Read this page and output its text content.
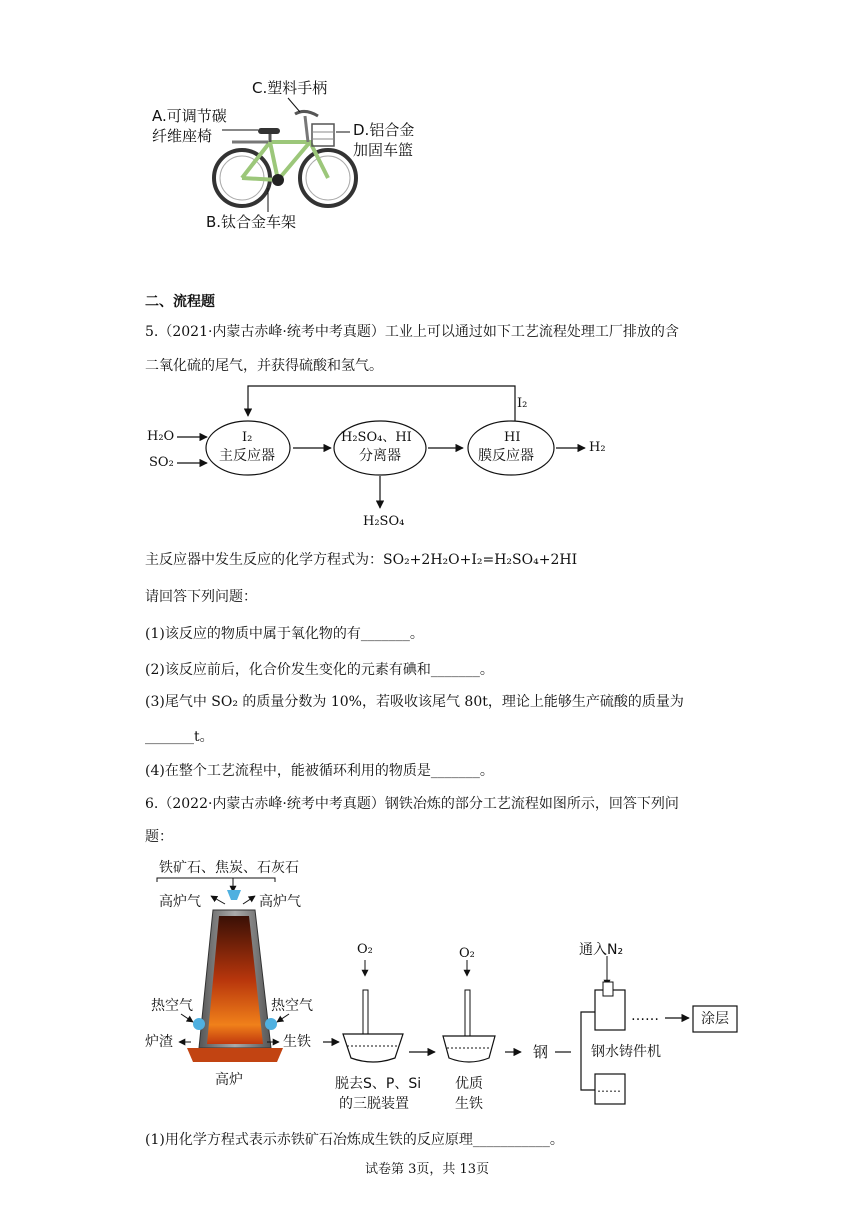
C.塑料手柄
A.可调节碳
纤维座椅	D.铝合金
加固车篮
B.钛合金车架
二、流程题
5.（2021·内蒙古赤峰·统考中考真题）工业上可以通过如下工艺流程处理工厂排放的含
二氧化硫的尾气，并获得硫酸和氢气。
I₂
H₂O
SO₂
I₂
主反应器
H₂SO₄、HI
分离器
HI
膜反应器
H₂
H₂SO₄
主反应器中发生反应的化学方程式为：SO₂+2H₂O+I₂=H₂SO₄+2HI
请回答下列问题：
(1)该反应的物质中属于氧化物的有_______。
(2)该反应前后，化合价发生变化的元素有碘和_______。
(3)尾气中 SO₂ 的质量分数为 10%，若吸收该尾气 80t，理论上能够生产硫酸的质量为
_______t。
(4)在整个工艺流程中，能被循环利用的物质是_______。
6.（2022·内蒙古赤峰·统考中考真题）钢铁冶炼的部分工艺流程如图所示，回答下列问
题：
铁矿石、焦炭、石灰石
高炉气	高炉气
热空气	热空气
炉渣	生铁
高炉
O₂	O₂
脱去S、P、Si
的三脱装置
优质
生铁
钢
通入N₂
钢水铸件机
……
……
涂层
(1)用化学方程式表示赤铁矿石冶炼成生铁的反应原理___________。
试卷第 3页，共 13页
